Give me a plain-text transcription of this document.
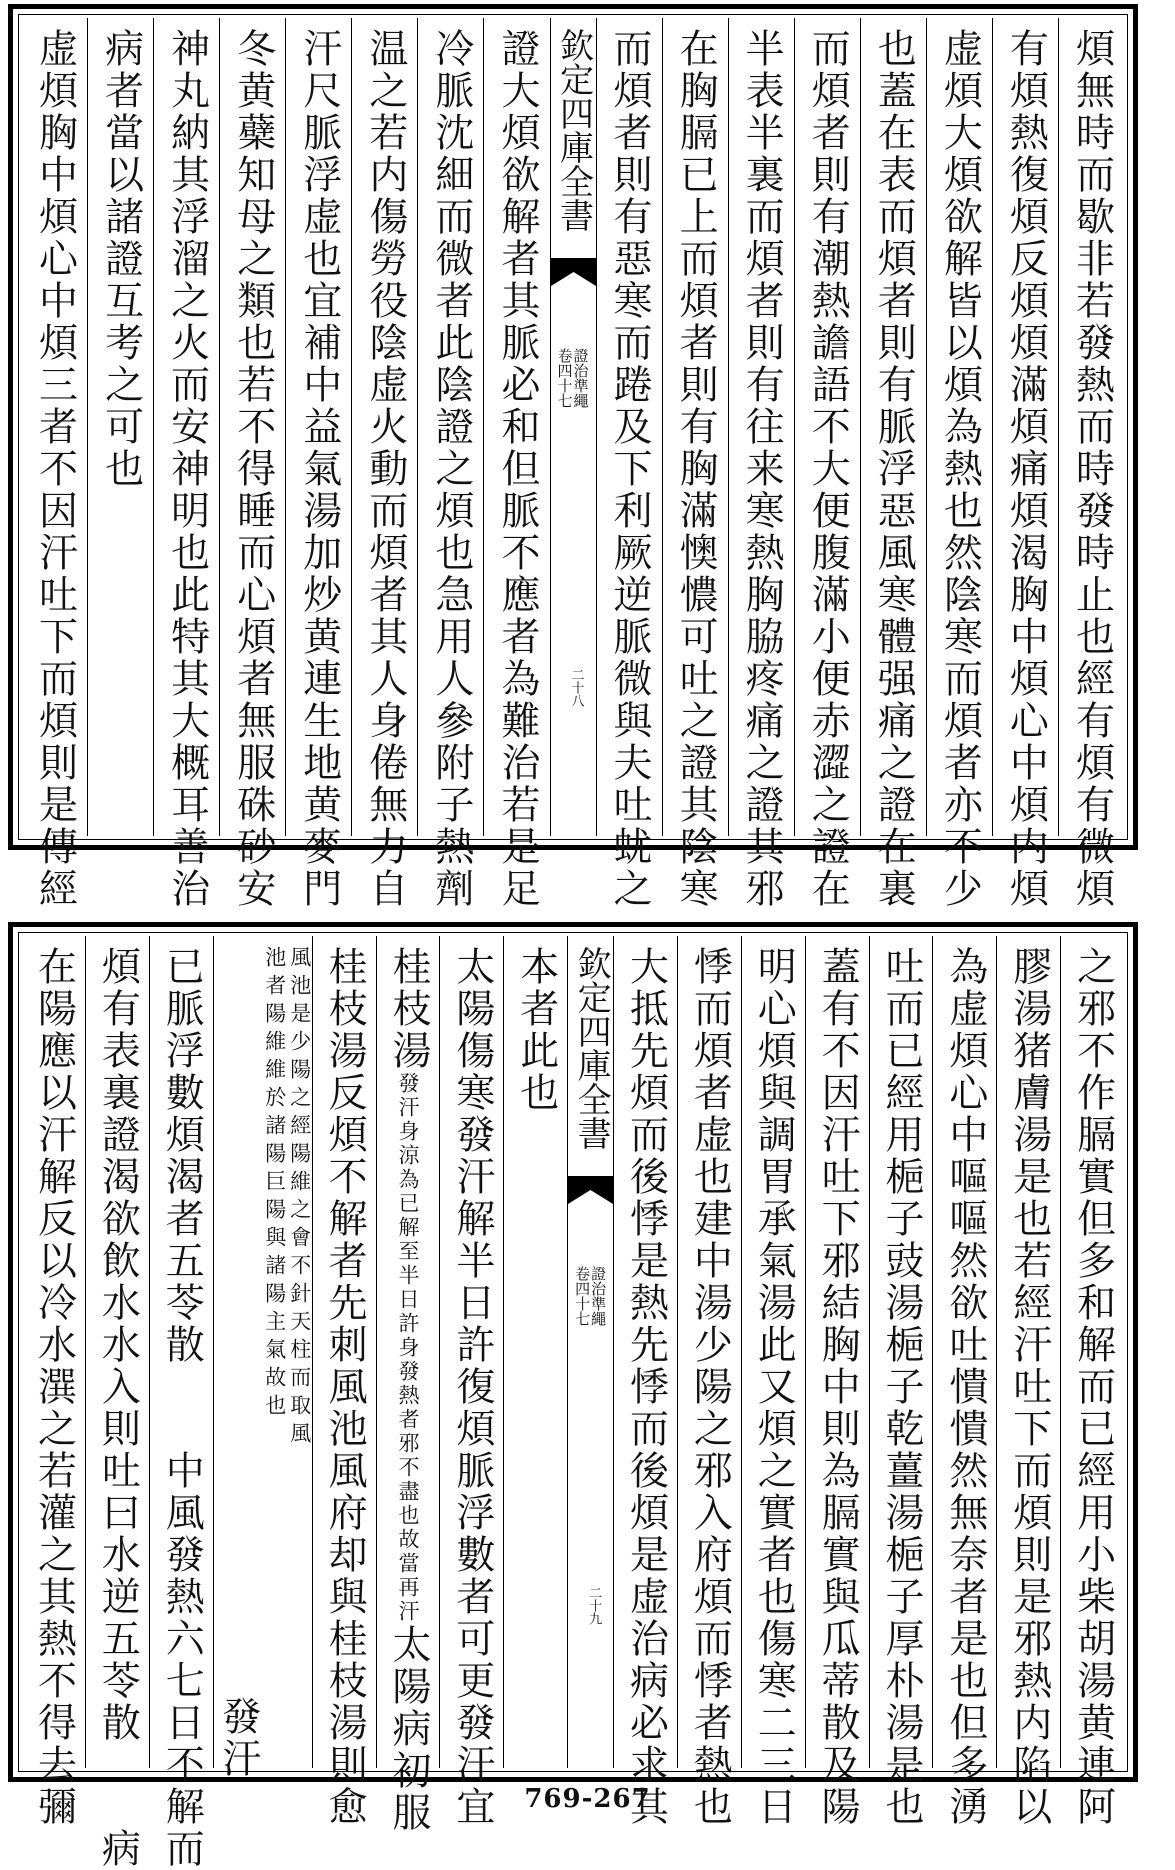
煩無時而歇非若發熱而時發時止也經有煩有微煩
有煩熱復煩反煩煩滿煩痛煩渴胸中煩心中煩内煩
虚煩大煩欲解皆以煩為熱也然陰寒而煩者亦不少
也蓋在表而煩者則有脈浮惡風寒體强痛之證在裏
而煩者則有潮熱譫語不大便腹滿小便赤澀之證在
半表半裏而煩者則有往来寒熱胸脇疼痛之證其邪
在胸膈已上而煩者則有胸滿懊憹可吐之證其陰寒
而煩者則有惡寒而踡及下利厥逆脈微與夫吐蚘之
欽定四庫全書
證治準繩
卷四十七
二十八
證大煩欲解者其脈必和但脈不應者為難治若是足
冷脈沈細而微者此陰證之煩也急用人參附子熱劑
温之若内傷勞役陰虚火動而煩者其人身倦無力自
汗尺脈浮虚也宜補中益氣湯加炒黄連生地黄麥門
冬黄蘗知母之類也若不得睡而心煩者無服硃砂安
神丸納其浮溜之火而安神明也此特其大概耳善治
病者當以諸證互考之可也
虚煩胸中煩心中煩三者不因汗吐下而煩則是傳經
之邪不作膈實但多和解而已經用小柴胡湯黄連阿
膠湯猪膚湯是也若經汗吐下而煩則是邪熱内陷以
為虚煩心中嘔嘔然欲吐憒憒然無奈者是也但多湧
吐而已經用梔子豉湯梔子乾薑湯梔子厚朴湯是也
蓋有不因汗吐下邪結胸中則為膈實與瓜蒂散及陽
明心煩與調胃承氣湯此又煩之實者也傷寒二三日
悸而煩者虚也建中湯少陽之邪入府煩而悸者熱也
大抵先煩而後悸是熱先悸而後煩是虚治病必求其
欽定四庫全書
證治準繩
卷四十七
二十九
本者此也
太陽傷寒發汗解半日許復煩脈浮數者可更發汗宜
桂枝湯發汗身涼為已解至半日許身發熱者邪不盡也故當再汗太陽病初服
桂枝湯反煩不解者先刺風池風府却與桂枝湯則愈
風池是少陽之經陽維之會不針天柱而取風
池者陽維維於諸陽巨陽與諸陽主氣故也
發汗
已脈浮數煩渴者五苓散　　中風發熱六七日不解而
煩有表裏證渴欲飲水水入則吐曰水逆五苓散　　病
在陽應以汗解反以冷水潠之若灌之其熱不得去彌	769-267
